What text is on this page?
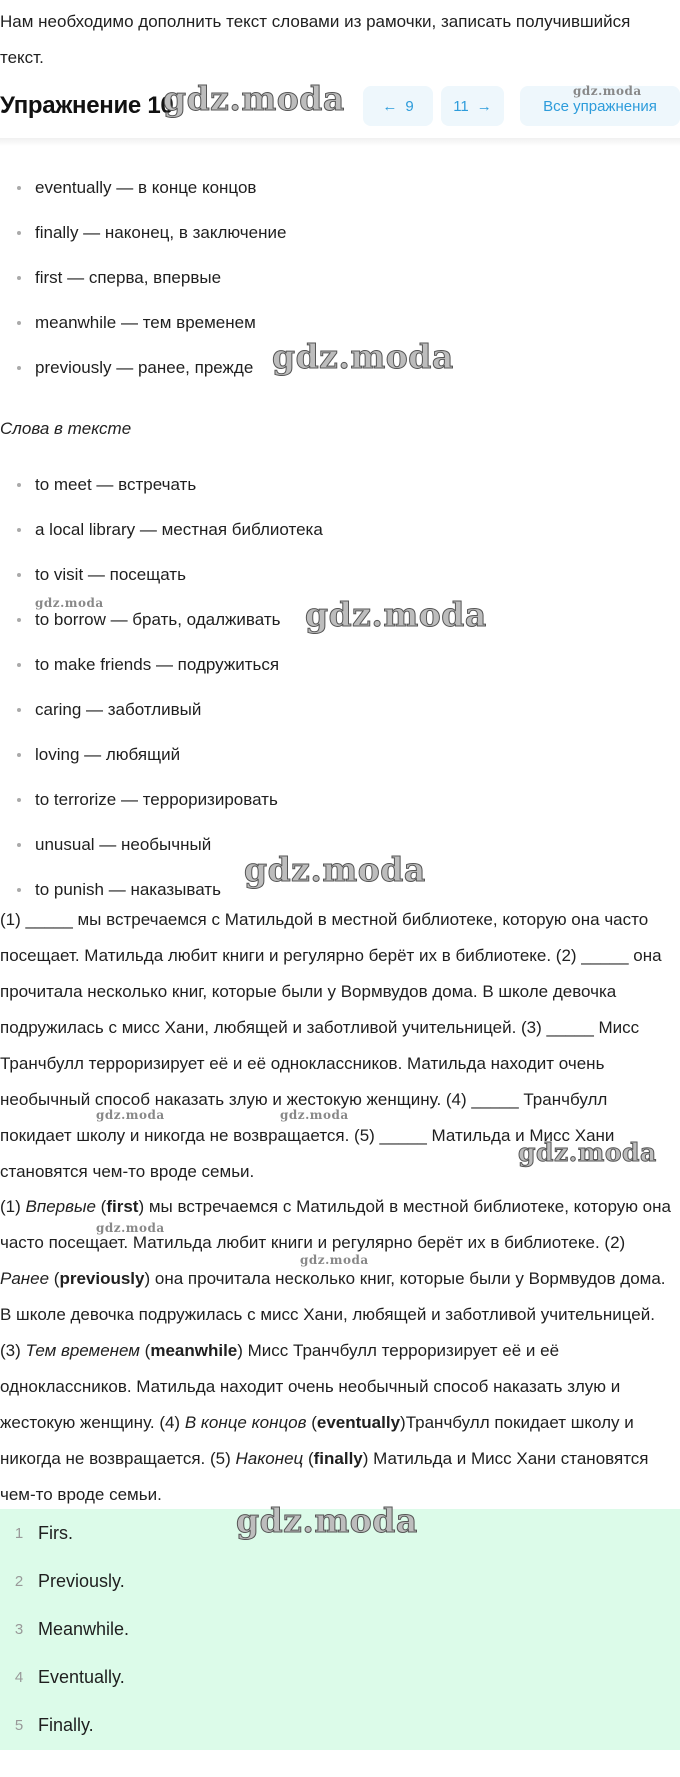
Нам необходимо дополнить текст словами из рамочки, записать получившийся текст.
Упражнение 10	← 9	11 →	Все упражнения
eventually — в конце концов
finally — наконец, в заключение
first — сперва, впервые
meanwhile — тем временем
previously — ранее, прежде
Слова в тексте
to meet — встречать
a local library — местная библиотека
to visit — посещать
to borrow — брать, одалживать
to make friends — подружиться
caring — заботливый
loving — любящий
to terrorize — терроризировать
unusual — необычный
to punish — наказывать
(1) _____ мы встречаемся с Матильдой в местной библиотеке, которую она часто посещает. Матильда любит книги и регулярно берёт их в библиотеке. (2) _____ она прочитала несколько книг, которые были у Вормвудов дома. В школе девочка подружилась с мисс Хани, любящей и заботливой учительницей. (3) _____ Мисс Транчбулл терроризирует её и её одноклассников. Матильда находит очень необычный способ наказать злую и жестокую женщину. (4) _____ Транчбулл покидает школу и никогда не возвращается. (5) _____ Матильда и Мисс Хани становятся чем-то вроде семьи.
(1) Впервые (first) мы встречаемся с Матильдой в местной библиотеке, которую она часто посещает. Матильда любит книги и регулярно берёт их в библиотеке. (2) Ранее (previously) она прочитала несколько книг, которые были у Вормвудов дома. В школе девочка подружилась с мисс Хани, любящей и заботливой учительницей. (3) Тем временем (meanwhile) Мисс Транчбулл терроризирует её и её одноклассников. Матильда находит очень необычный способ наказать злую и жестокую женщину. (4) В конце концов (eventually)Транчбулл покидает школу и никогда не возвращается. (5) Наконец (finally) Матильда и Мисс Хани становятся чем-то вроде семьи.
1 Firs.
2 Previously.
3 Meanwhile.
4 Eventually.
5 Finally.
gdz.moda	gdz.moda
gdz.moda
gdz.moda	gdz.moda
gdz.moda
gdz.moda	gdz.moda
gdz.moda
gdz.moda
gdz.moda
gdz.moda
